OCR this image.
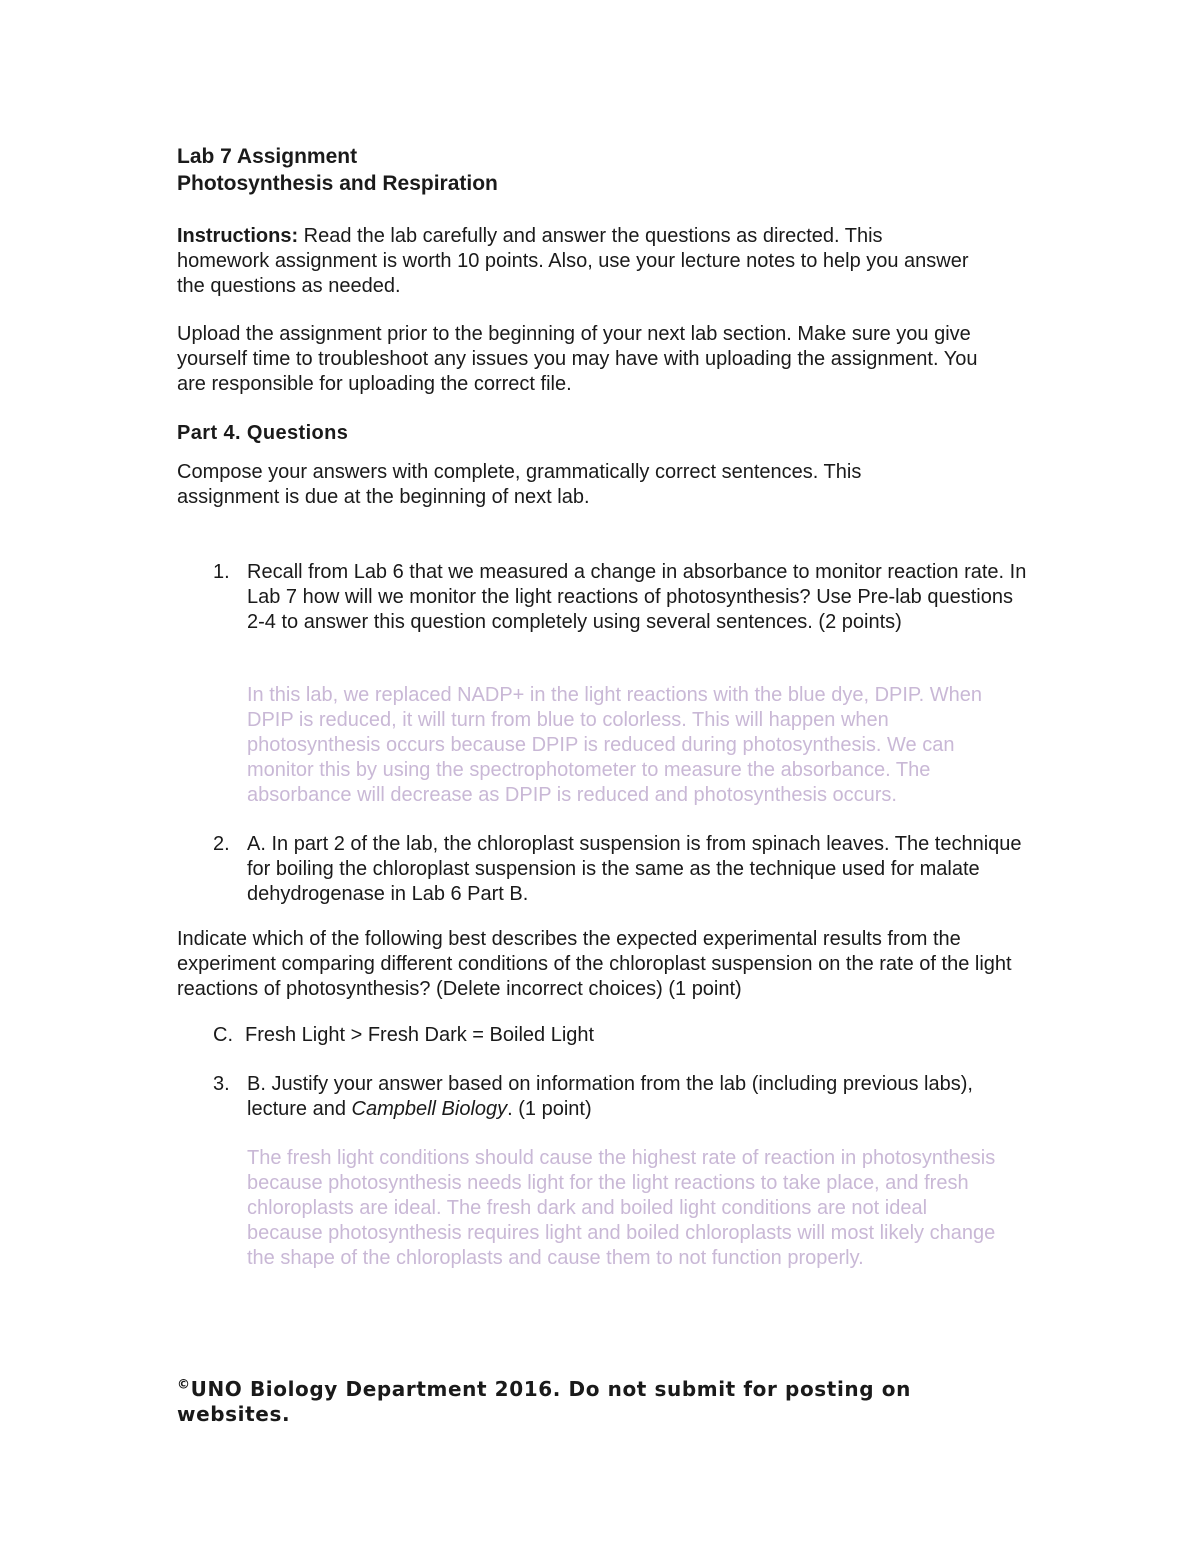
Lab 7 Assignment
Photosynthesis and Respiration

Instructions: Read the lab carefully and answer the questions as directed. This homework assignment is worth 10 points. Also, use your lecture notes to help you answer the questions as needed.

Upload the assignment prior to the beginning of your next lab section. Make sure you give yourself time to troubleshoot any issues you may have with uploading the assignment. You are responsible for uploading the correct file.

Part 4. Questions

Compose your answers with complete, grammatically correct sentences. This assignment is due at the beginning of next lab.

1. Recall from Lab 6 that we measured a change in absorbance to monitor reaction rate. In Lab 7 how will we monitor the light reactions of photosynthesis? Use Pre-lab questions 2-4 to answer this question completely using several sentences. (2 points)
In this lab, we replaced NADP+ in the light reactions with the blue dye, DPIP. When DPIP is reduced, it will turn from blue to colorless. This will happen when photosynthesis occurs because DPIP is reduced during photosynthesis. We can monitor this by using the spectrophotometer to measure the absorbance. The absorbance will decrease as DPIP is reduced and photosynthesis occurs.
2. A. In part 2 of the lab, the chloroplast suspension is from spinach leaves. The technique for boiling the chloroplast suspension is the same as the technique used for malate dehydrogenase in Lab 6 Part B.

Indicate which of the following best describes the expected experimental results from the experiment comparing different conditions of the chloroplast suspension on the rate of the light reactions of photosynthesis? (Delete incorrect choices) (1 point)

C. Fresh Light > Fresh Dark = Boiled Light
3. B. Justify your answer based on information from the lab (including previous labs), lecture and Campbell Biology. (1 point)
The fresh light conditions should cause the highest rate of reaction in photosynthesis because photosynthesis needs light for the light reactions to take place, and fresh chloroplasts are ideal. The fresh dark and boiled light conditions are not ideal because photosynthesis requires light and boiled chloroplasts will most likely change the shape of the chloroplasts and cause them to not function properly.
©UNO Biology Department 2016. Do not submit for posting on websites.
